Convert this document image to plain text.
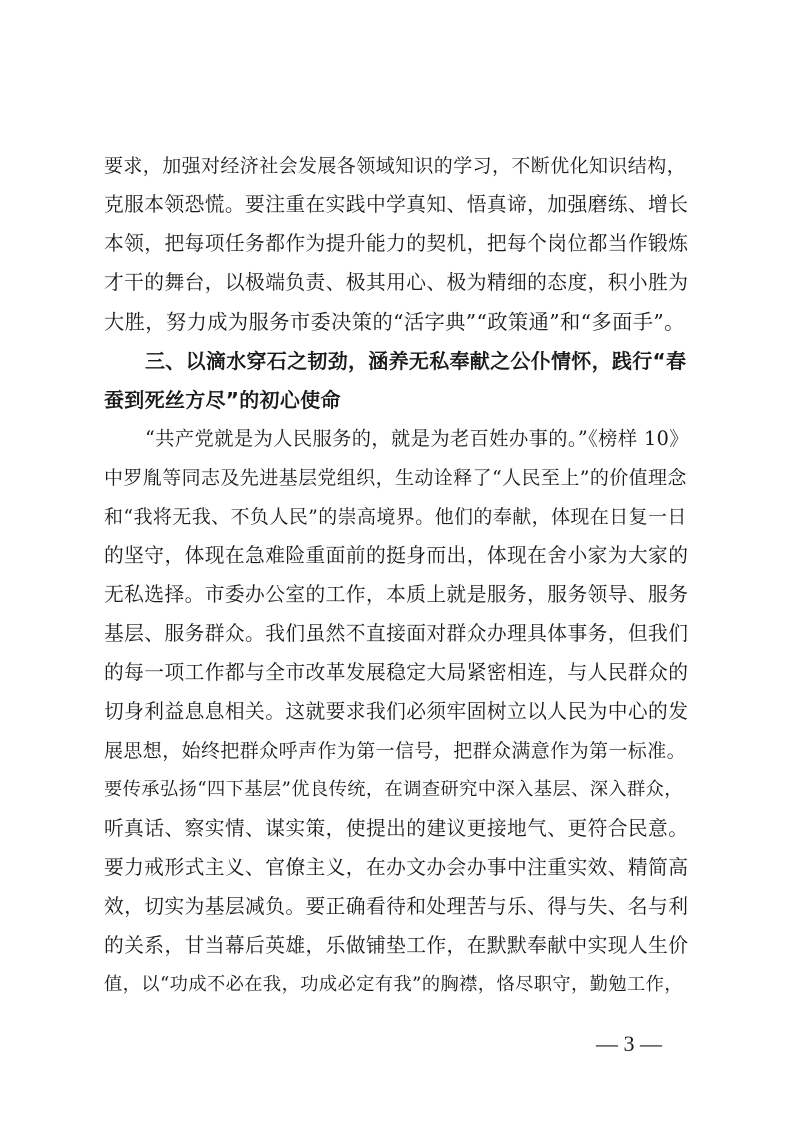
要求，加强对经济社会发展各领域知识的学习，不断优化知识结构，
克服本领恐慌。要注重在实践中学真知、悟真谛，加强磨练、增长
本领，把每项任务都作为提升能力的契机，把每个岗位都当作锻炼
才干的舞台，以极端负责、极其用心、极为精细的态度，积小胜为
大胜，努力成为服务市委决策的“活字典”“政策通”和“多面手”。
三、以滴水穿石之韧劲，涵养无私奉献之公仆情怀，践行“春
蚕到死丝方尽”的初心使命
“共产党就是为人民服务的，就是为老百姓办事的。”《榜样 10》
中罗胤等同志及先进基层党组织，生动诠释了“人民至上”的价值理念
和“我将无我、不负人民”的崇高境界。他们的奉献，体现在日复一日
的坚守，体现在急难险重面前的挺身而出，体现在舍小家为大家的
无私选择。市委办公室的工作，本质上就是服务，服务领导、服务
基层、服务群众。我们虽然不直接面对群众办理具体事务，但我们
的每一项工作都与全市改革发展稳定大局紧密相连，与人民群众的
切身利益息息相关。这就要求我们必须牢固树立以人民为中心的发
展思想，始终把群众呼声作为第一信号，把群众满意作为第一标准。
要传承弘扬“四下基层”优良传统，在调查研究中深入基层、深入群众，
听真话、察实情、谋实策，使提出的建议更接地气、更符合民意。
要力戒形式主义、官僚主义，在办文办会办事中注重实效、精简高
效，切实为基层减负。要正确看待和处理苦与乐、得与失、名与利
的关系，甘当幕后英雄，乐做铺垫工作，在默默奉献中实现人生价
值，以“功成不必在我，功成必定有我”的胸襟，恪尽职守，勤勉工作，
— 3 —
